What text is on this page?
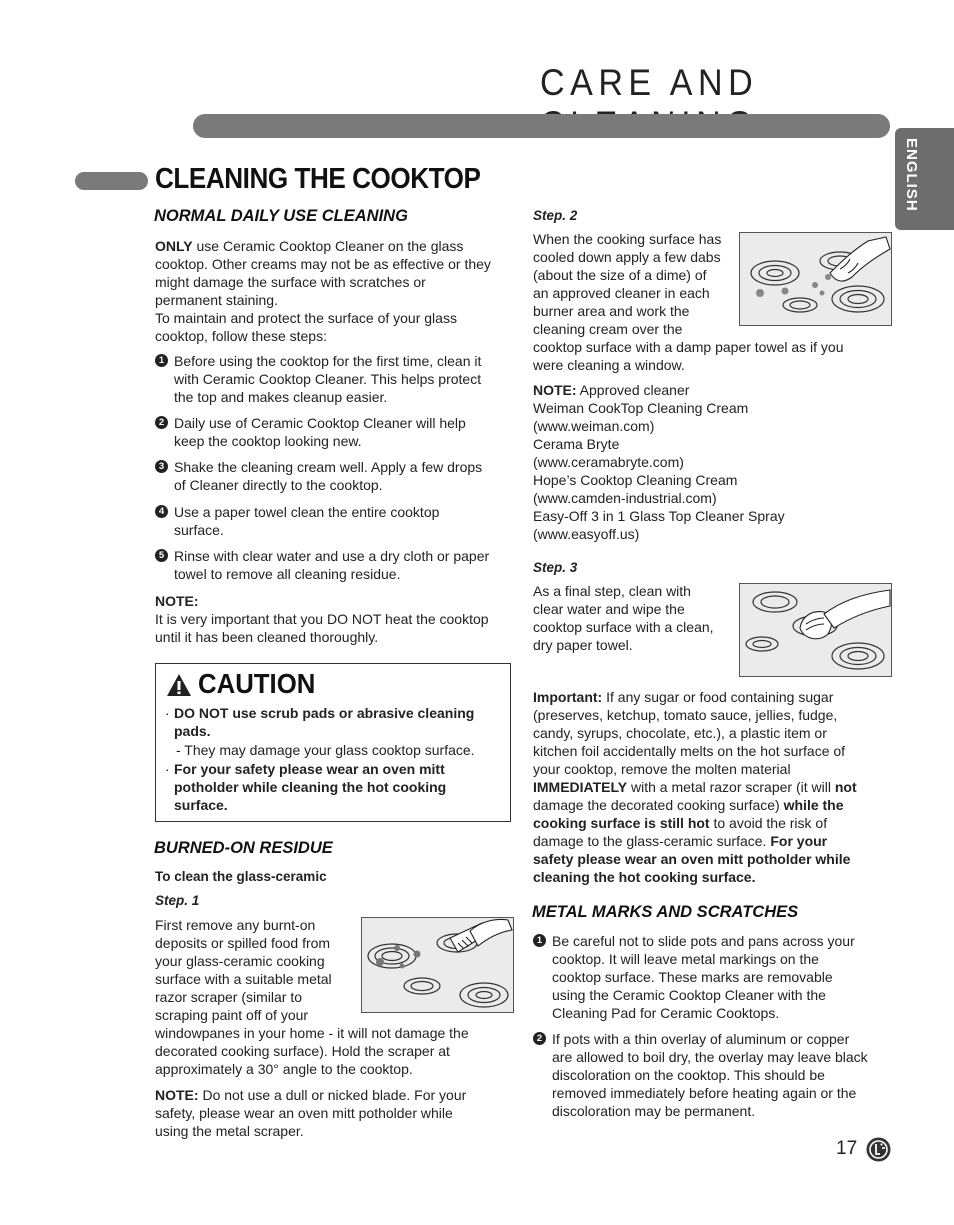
CARE AND
ENGLISH
CLEANING THE COOKTOP
NORMAL DAILY USE CLEANING
ONLY use Ceramic Cooktop Cleaner on the glass
cooktop. Other creams may not be as effective or they
might damage the surface with scratches or
permanent staining.
To maintain and protect the surface of your glass
cooktop, follow these steps:
1 Before using the cooktop for the first time, clean it
with Ceramic Cooktop Cleaner. This helps protect
the top and makes cleanup easier.
2 Daily use of Ceramic Cooktop Cleaner will help
keep the cooktop looking new.
3 Shake the cleaning cream well. Apply a few drops
of Cleaner directly to the cooktop.
4 Use a paper towel clean the entire cooktop
surface.
5 Rinse with clear water and use a dry cloth or paper
towel to remove all cleaning residue.
NOTE:
It is very important that you DO NOT heat the cooktop
until it has been cleaned thoroughly.
CAUTION
· DO NOT use scrub pads or abrasive cleaning
pads.
- They may damage your glass cooktop surface.
· For your safety please wear an oven mitt
potholder while cleaning the hot cooking
surface.
BURNED-ON RESIDUE
To clean the glass-ceramic
Step. 1
First remove any burnt-on
deposits or spilled food from
your glass-ceramic cooking
surface with a suitable metal
razor scraper (similar to
scraping paint off of your
windowpanes in your home - it will not damage the
decorated cooking surface). Hold the scraper at
approximately a 30° angle to the cooktop.
NOTE: Do not use a dull or nicked blade. For your
safety, please wear an oven mitt potholder while
using the metal scraper.
Step. 2
When the cooking surface has
cooled down apply a few dabs
(about the size of a dime) of
an approved cleaner in each
burner area and work the
cleaning cream over the
cooktop surface with a damp paper towel as if you
were cleaning a window.
NOTE: Approved cleaner
Weiman CookTop Cleaning Cream
(www.weiman.com)
Cerama Bryte
(www.ceramabryte.com)
Hope’s Cooktop Cleaning Cream
(www.camden-industrial.com)
Easy-Off 3 in 1 Glass Top Cleaner Spray
(www.easyoff.us)
Step. 3
As a final step, clean with
clear water and wipe the
cooktop surface with a clean,
dry paper towel.
Important: If any sugar or food containing sugar
(preserves, ketchup, tomato sauce, jellies, fudge,
candy, syrups, chocolate, etc.), a plastic item or
kitchen foil accidentally melts on the hot surface of
your cooktop, remove the molten material
IMMEDIATELY with a metal razor scraper (it will not
damage the decorated cooking surface) while the
cooking surface is still hot to avoid the risk of
damage to the glass-ceramic surface. For your
safety please wear an oven mitt potholder while
cleaning the hot cooking surface.
METAL MARKS AND SCRATCHES
1 Be careful not to slide pots and pans across your
cooktop. It will leave metal markings on the
cooktop surface. These marks are removable
using the Ceramic Cooktop Cleaner with the
Cleaning Pad for Ceramic Cooktops.
2 If pots with a thin overlay of aluminum or copper
are allowed to boil dry, the overlay may leave black
discoloration on the cooktop. This should be
removed immediately before heating again or the
discoloration may be permanent.
17
